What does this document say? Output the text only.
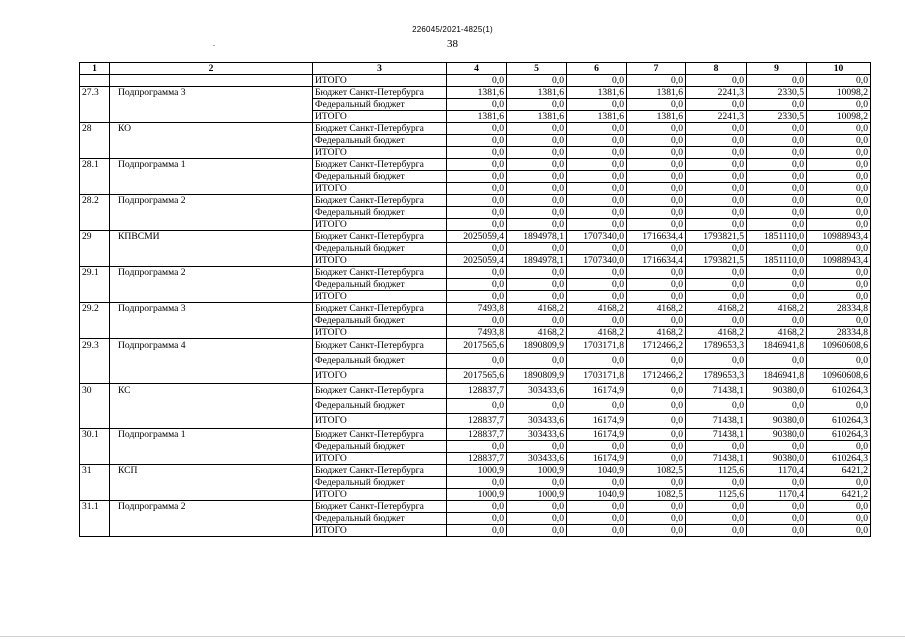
226045/2021-4825(1)
38
1	2	3	4	5	6	7	8	9	10
		ИТОГО	0,0	0,0	0,0	0,0	0,0	0,0	0,0
27.3	Подпрограмма 3	Бюджет Санкт-Петербурга	1381,6	1381,6	1381,6	1381,6	2241,3	2330,5	10098,2
		Федеральный бюджет	0,0	0,0	0,0	0,0	0,0	0,0	0,0
		ИТОГО	1381,6	1381,6	1381,6	1381,6	2241,3	2330,5	10098,2
28	КО	Бюджет Санкт-Петербурга	0,0	0,0	0,0	0,0	0,0	0,0	0,0
		Федеральный бюджет	0,0	0,0	0,0	0,0	0,0	0,0	0,0
		ИТОГО	0,0	0,0	0,0	0,0	0,0	0,0	0,0
28.1	Подпрограмма 1	Бюджет Санкт-Петербурга	0,0	0,0	0,0	0,0	0,0	0,0	0,0
		Федеральный бюджет	0,0	0,0	0,0	0,0	0,0	0,0	0,0
		ИТОГО	0,0	0,0	0,0	0,0	0,0	0,0	0,0
28.2	Подпрограмма 2	Бюджет Санкт-Петербурга	0,0	0,0	0,0	0,0	0,0	0,0	0,0
		Федеральный бюджет	0,0	0,0	0,0	0,0	0,0	0,0	0,0
		ИТОГО	0,0	0,0	0,0	0,0	0,0	0,0	0,0
29	КПВСМИ	Бюджет Санкт-Петербурга	2025059,4	1894978,1	1707340,0	1716634,4	1793821,5	1851110,0	10988943,4
		Федеральный бюджет	0,0	0,0	0,0	0,0	0,0	0,0	0,0
		ИТОГО	2025059,4	1894978,1	1707340,0	1716634,4	1793821,5	1851110,0	10988943,4
29.1	Подпрограмма 2	Бюджет Санкт-Петербурга	0,0	0,0	0,0	0,0	0,0	0,0	0,0
		Федеральный бюджет	0,0	0,0	0,0	0,0	0,0	0,0	0,0
		ИТОГО	0,0	0,0	0,0	0,0	0,0	0,0	0,0
29.2	Подпрограмма 3	Бюджет Санкт-Петербурга	7493,8	4168,2	4168,2	4168,2	4168,2	4168,2	28334,8
		Федеральный бюджет	0,0	0,0	0,0	0,0	0,0	0,0	0,0
		ИТОГО	7493,8	4168,2	4168,2	4168,2	4168,2	4168,2	28334,8
29.3	Подпрограмма 4	Бюджет Санкт-Петербурга	2017565,6	1890809,9	1703171,8	1712466,2	1789653,3	1846941,8	10960608,6
		Федеральный бюджет	0,0	0,0	0,0	0,0	0,0	0,0	0,0
		ИТОГО	2017565,6	1890809,9	1703171,8	1712466,2	1789653,3	1846941,8	10960608,6
30	КС	Бюджет Санкт-Петербурга	128837,7	303433,6	16174,9	0,0	71438,1	90380,0	610264,3
		Федеральный бюджет	0,0	0,0	0,0	0,0	0,0	0,0	0,0
		ИТОГО	128837,7	303433,6	16174,9	0,0	71438,1	90380,0	610264,3
30.1	Подпрограмма 1	Бюджет Санкт-Петербурга	128837,7	303433,6	16174,9	0,0	71438,1	90380,0	610264,3
		Федеральный бюджет	0,0	0,0	0,0	0,0	0,0	0,0	0,0
		ИТОГО	128837,7	303433,6	16174,9	0,0	71438,1	90380,0	610264,3
31	КСП	Бюджет Санкт-Петербурга	1000,9	1000,9	1040,9	1082,5	1125,6	1170,4	6421,2
		Федеральный бюджет	0,0	0,0	0,0	0,0	0,0	0,0	0,0
		ИТОГО	1000,9	1000,9	1040,9	1082,5	1125,6	1170,4	6421,2
31.1	Подпрограмма 2	Бюджет Санкт-Петербурга	0,0	0,0	0,0	0,0	0,0	0,0	0,0
		Федеральный бюджет	0,0	0,0	0,0	0,0	0,0	0,0	0,0
		ИТОГО	0,0	0,0	0,0	0,0	0,0	0,0	0,0
